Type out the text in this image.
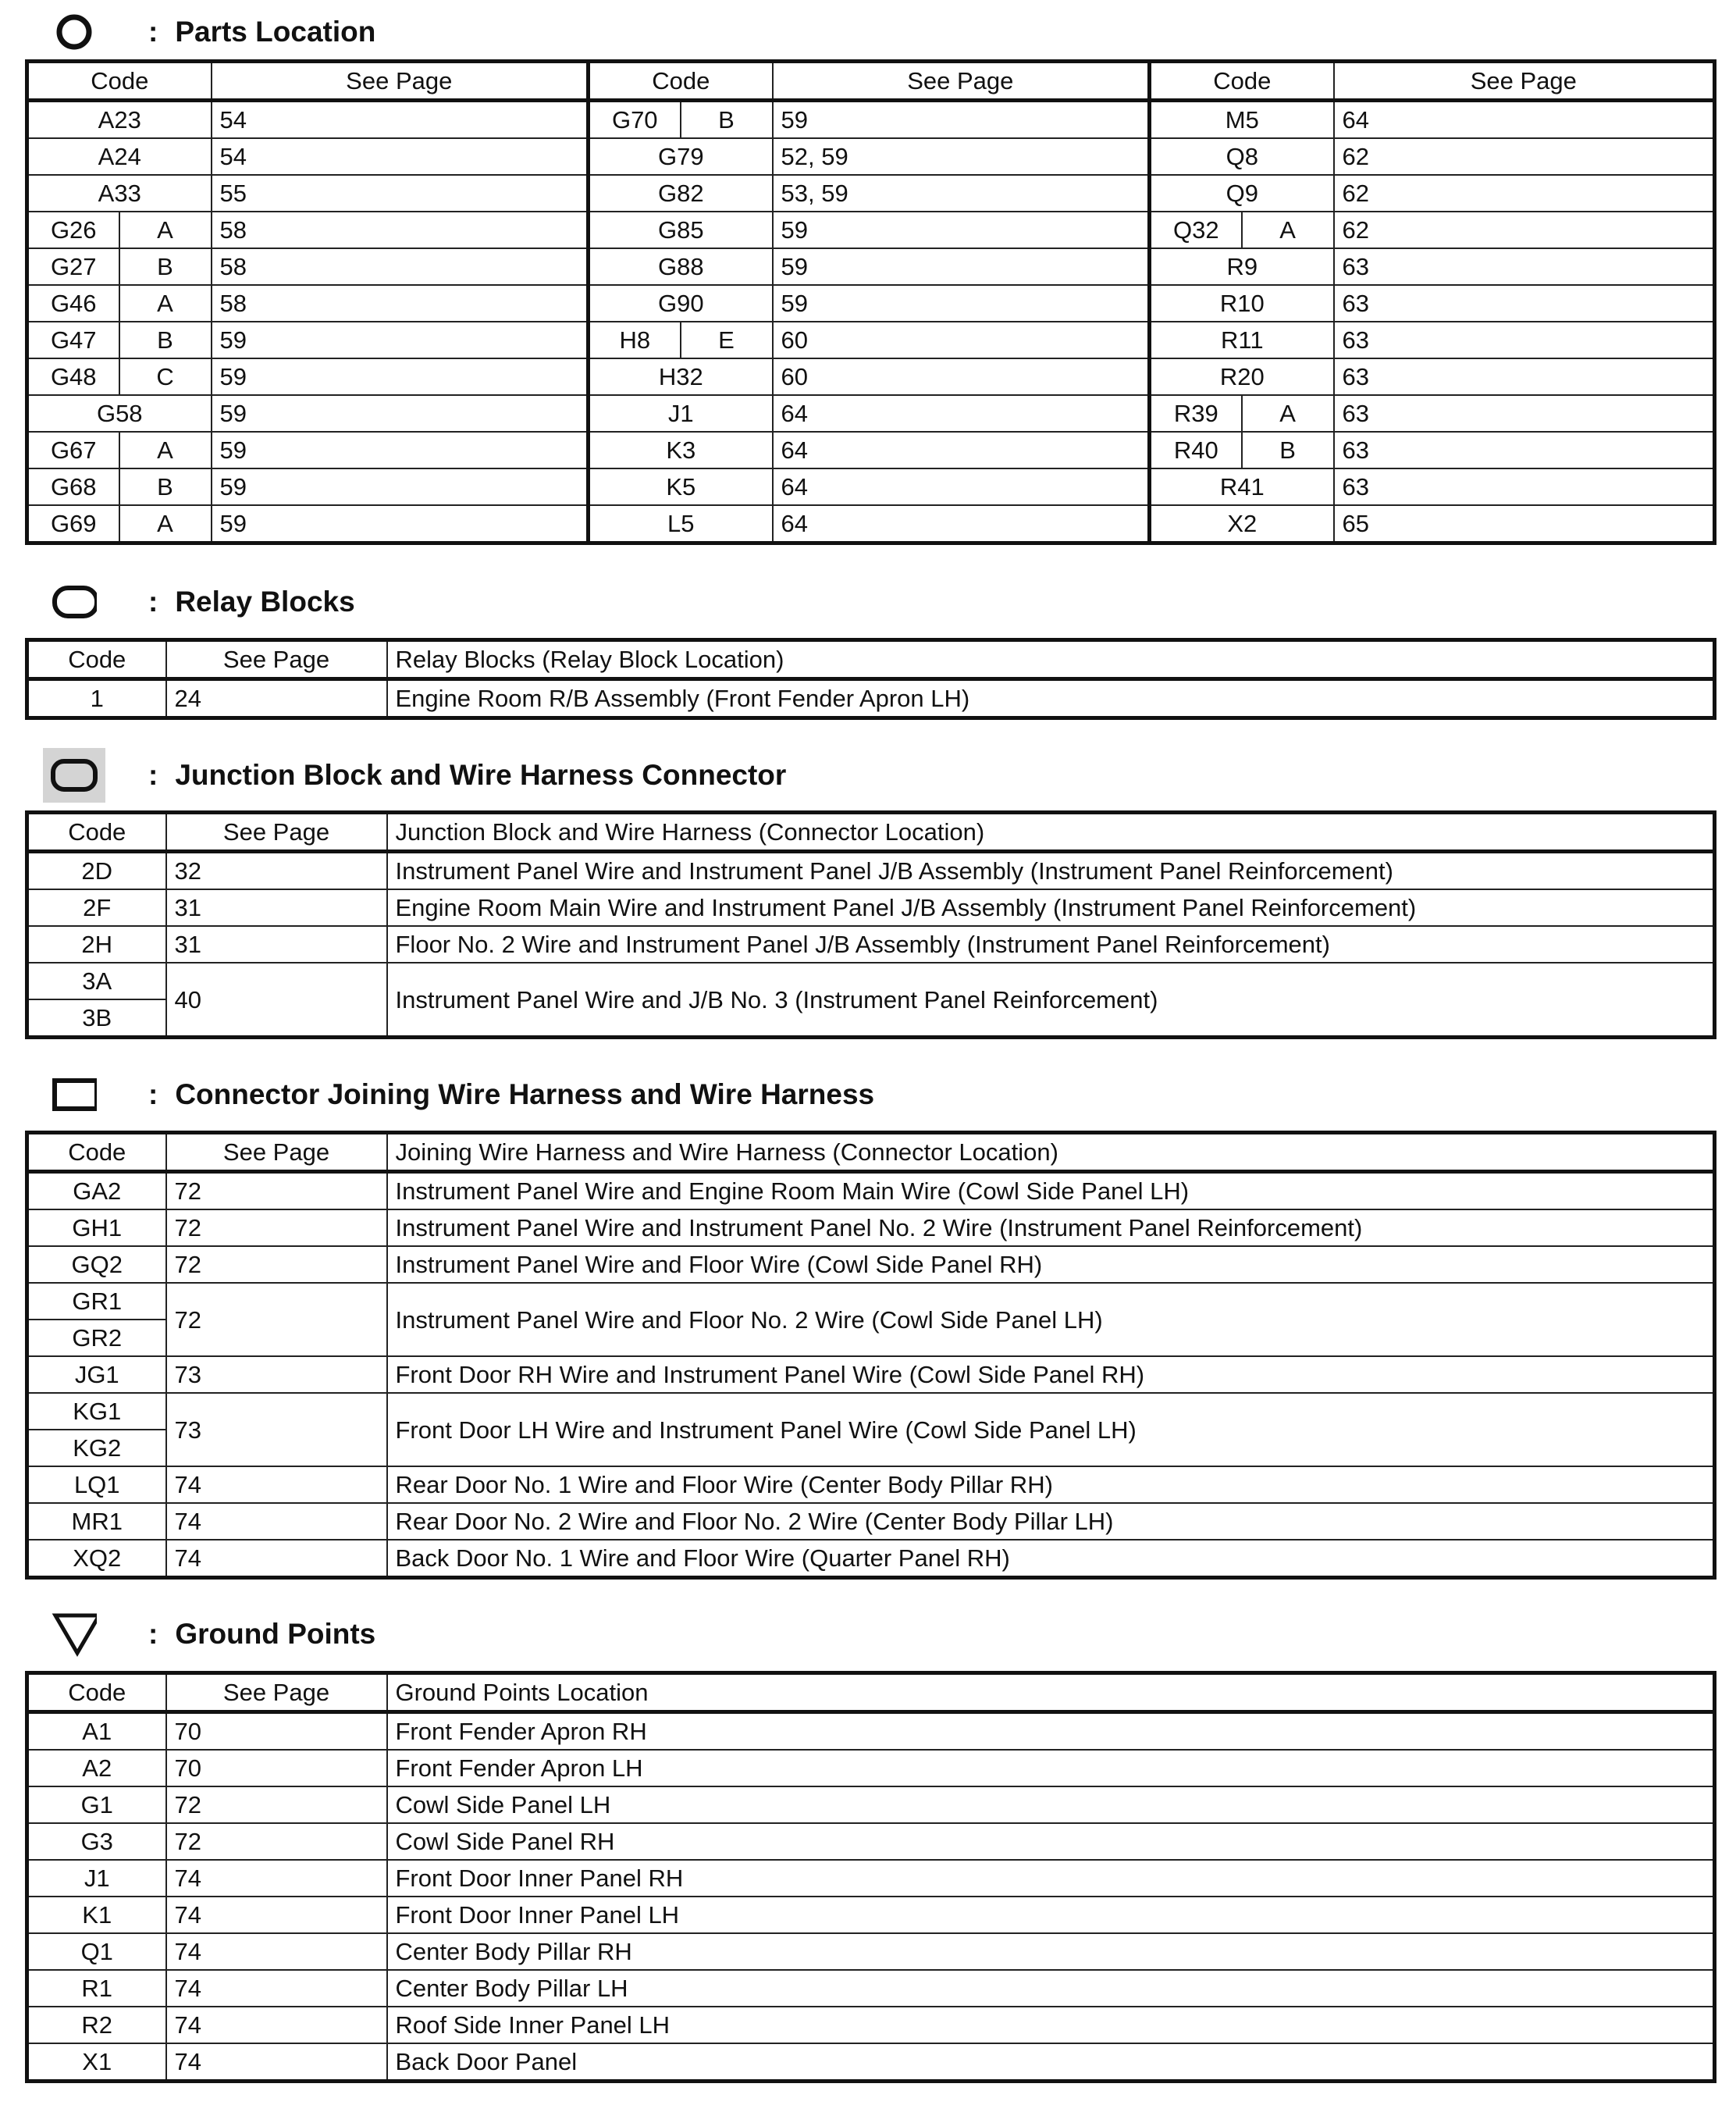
: Parts Location
Code		See Page	Code		See Page	Code		See Page
A23		54	G70	B	59	M5		64
A24		54	G79		52, 59	Q8		62
A33		55	G82		53, 59	Q9		62
G26	A	58	G85		59	Q32	A	62
G27	B	58	G88		59	R9		63
G46	A	58	G90		59	R10		63
G47	B	59	H8	E	60	R11		63
G48	C	59	H32		60	R20		63
G58		59	J1		64	R39	A	63
G67	A	59	K3		64	R40	B	63
G68	B	59	K5		64	R41		63
G69	A	59	L5		64	X2		65
: Relay Blocks
Code	See Page	Relay Blocks (Relay Block Location)
1	24	Engine Room R/B Assembly (Front Fender Apron LH)
: Junction Block and Wire Harness Connector
Code	See Page	Junction Block and Wire Harness (Connector Location)
2D	32	Instrument Panel Wire and Instrument Panel J/B Assembly (Instrument Panel Reinforcement)
2F	31	Engine Room Main Wire and Instrument Panel J/B Assembly (Instrument Panel Reinforcement)
2H	31	Floor No. 2 Wire and Instrument Panel J/B Assembly (Instrument Panel Reinforcement)
3A	40	Instrument Panel Wire and J/B No. 3 (Instrument Panel Reinforcement)
3B		
: Connector Joining Wire Harness and Wire Harness
Code	See Page	Joining Wire Harness and Wire Harness (Connector Location)
GA2	72	Instrument Panel Wire and Engine Room Main Wire (Cowl Side Panel LH)
GH1	72	Instrument Panel Wire and Instrument Panel No. 2 Wire (Instrument Panel Reinforcement)
GQ2	72	Instrument Panel Wire and Floor Wire (Cowl Side Panel RH)
GR1	72	Instrument Panel Wire and Floor No. 2 Wire (Cowl Side Panel LH)
GR2		
JG1	73	Front Door RH Wire and Instrument Panel Wire (Cowl Side Panel RH)
KG1	73	Front Door LH Wire and Instrument Panel Wire (Cowl Side Panel LH)
KG2		
LQ1	74	Rear Door No. 1 Wire and Floor Wire (Center Body Pillar RH)
MR1	74	Rear Door No. 2 Wire and Floor No. 2 Wire (Center Body Pillar LH)
XQ2	74	Back Door No. 1 Wire and Floor Wire (Quarter Panel RH)
: Ground Points
Code	See Page	Ground Points Location
A1	70	Front Fender Apron RH
A2	70	Front Fender Apron LH
G1	72	Cowl Side Panel LH
G3	72	Cowl Side Panel RH
J1	74	Front Door Inner Panel RH
K1	74	Front Door Inner Panel LH
Q1	74	Center Body Pillar RH
R1	74	Center Body Pillar LH
R2	74	Roof Side Inner Panel LH
X1	74	Back Door Panel
